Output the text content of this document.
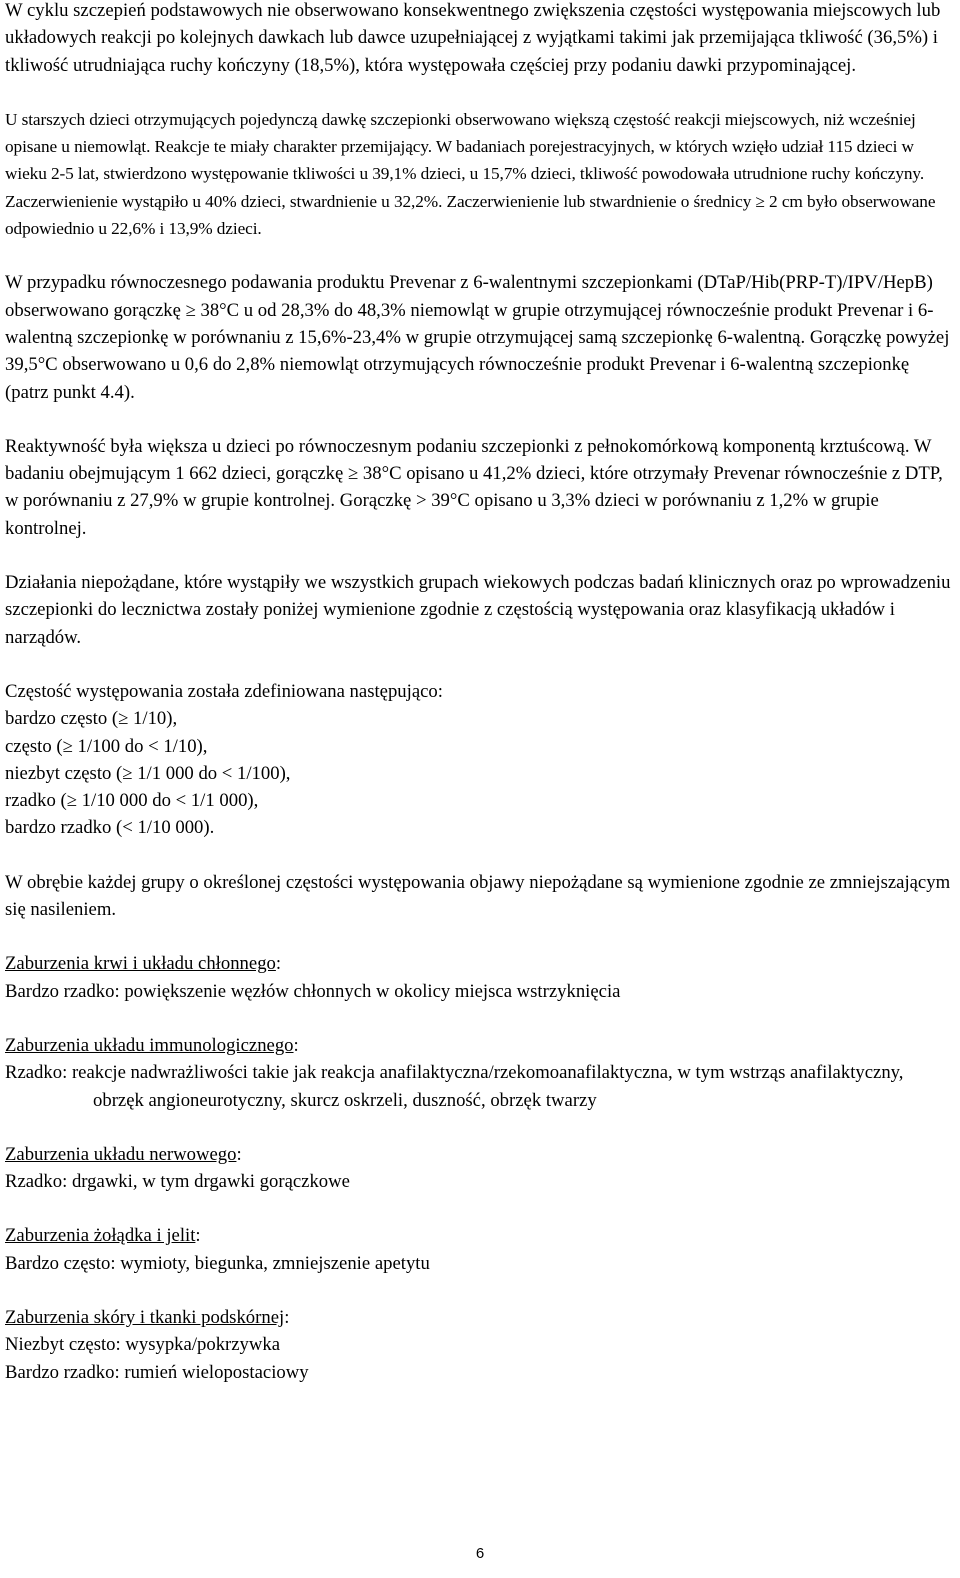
W cyklu szczepień podstawowych nie obserwowano konsekwentnego zwiększenia częstości występowania miejscowych lub układowych reakcji po kolejnych dawkach lub dawce uzupełniającej z wyjątkami takimi jak przemijająca tkliwość (36,5%) i tkliwość utrudniająca ruchy kończyny (18,5%), która występowała częściej przy podaniu dawki przypominającej.

U starszych dzieci otrzymujących pojedynczą dawkę szczepionki obserwowano większą częstość reakcji miejscowych, niż wcześniej opisane u niemowląt. Reakcje te miały charakter przemijający. W badaniach porejestracyjnych, w których wzięło udział 115 dzieci w wieku 2-5 lat, stwierdzono występowanie tkliwości u 39,1% dzieci, u 15,7% dzieci, tkliwość powodowała utrudnione ruchy kończyny. Zaczerwienienie wystąpiło u 40% dzieci, stwardnienie u 32,2%. Zaczerwienienie lub stwardnienie o średnicy ≥ 2 cm było obserwowane odpowiednio u 22,6% i 13,9% dzieci.

W przypadku równoczesnego podawania produktu Prevenar z 6-walentnymi szczepionkami (DTaP/Hib(PRP-T)/IPV/HepB) obserwowano gorączkę ≥ 38°C u od 28,3% do 48,3% niemowląt w grupie otrzymującej równocześnie produkt Prevenar i 6-walentną szczepionkę w porównaniu z 15,6%-23,4% w grupie otrzymującej samą szczepionkę 6-walentną. Gorączkę powyżej 39,5°C obserwowano u 0,6 do 2,8% niemowląt otrzymujących równocześnie produkt Prevenar i 6-walentną szczepionkę (patrz punkt 4.4).

Reaktywność była większa u dzieci po równoczesnym podaniu szczepionki z pełnokomórkową komponentą krztuścową. W badaniu obejmującym 1 662 dzieci, gorączkę ≥ 38°C opisano u 41,2% dzieci, które otrzymały Prevenar równocześnie z DTP, w porównaniu z 27,9% w grupie kontrolnej. Gorączkę > 39°C opisano u 3,3% dzieci w porównaniu z 1,2% w grupie kontrolnej.

Działania niepożądane, które wystąpiły we wszystkich grupach wiekowych podczas badań klinicznych oraz po wprowadzeniu szczepionki do lecznictwa zostały poniżej wymienione zgodnie z częstością występowania oraz klasyfikacją układów i narządów.

Częstość występowania została zdefiniowana następująco:
bardzo często (≥ 1/10),
często (≥ 1/100 do < 1/10),
niezbyt często (≥ 1/1 000 do < 1/100),
rzadko (≥ 1/10 000 do < 1/1 000),
bardzo rzadko (< 1/10 000).

W obrębie każdej grupy o określonej częstości występowania objawy niepożądane są wymienione zgodnie ze zmniejszającym się nasileniem.

Zaburzenia krwi i układu chłonnego:
Bardzo rzadko: powiększenie węzłów chłonnych w okolicy miejsca wstrzyknięcia
Zaburzenia układu immunologicznego:
Rzadko: reakcje nadwrażliwości takie jak reakcja anafilaktyczna/rzekomoanafilaktyczna, w tym wstrząs anafilaktyczny, obrzęk angioneurotyczny, skurcz oskrzeli, duszność, obrzęk twarzy
Zaburzenia układu nerwowego:
Rzadko: drgawki, w tym drgawki gorączkowe
Zaburzenia żołądka i jelit:
Bardzo często: wymioty, biegunka, zmniejszenie apetytu
Zaburzenia skóry i tkanki podskórnej:
Niezbyt często: wysypka/pokrzywka
Bardzo rzadko: rumień wielopostaciowy
6
